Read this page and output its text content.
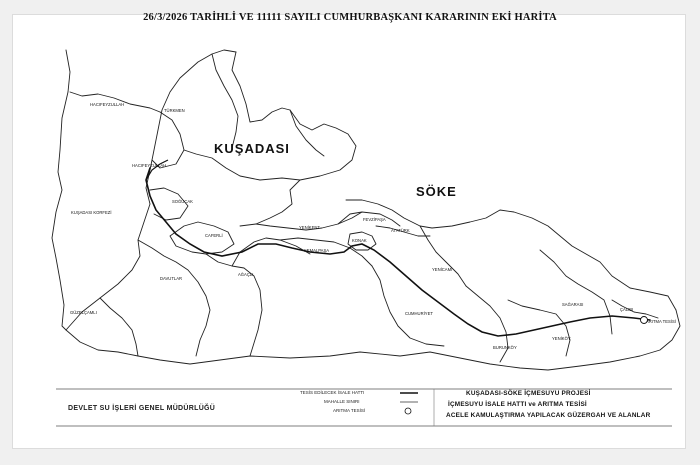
26/3/2026 TARİHLİ VE 11111 SAYILI CUMHURBAŞKANI KARARININ EKİ HARİTA
KUŞADASI
SÖKE
HACIFEYZULLAH
TÜRKMEN
HACIFEYZULLAH
KUŞADASI KORFEZİ
SOĞUCAK
CAFERLİ
YENİKENT
KEMALPAŞA
FEVZİPAŞA
KONAK
ATATÜRK
YENİCAMİ
DAVUTLAR
AĞAÇLI
GÜZELÇAMLI	CUMHURİYET
BURUNKÖY
YENİKÖY
SAĞARASI
ÇALIBI
ARITMA TESİSİ
DEVLET SU İŞLERİ GENEL MÜDÜRLÜĞÜ
TESİS EDİLECEK İSALE HATTI
MAHALLE SINIRI
ARITMA TESİSİ
KUŞADASI-SÖKE İÇMESUYU PROJESİ
İÇMESUYU İSALE HATTI ve ARITMA TESİSİ
ACELE KAMULAŞTIRMA YAPILACAK GÜZERGAH VE ALANLAR
